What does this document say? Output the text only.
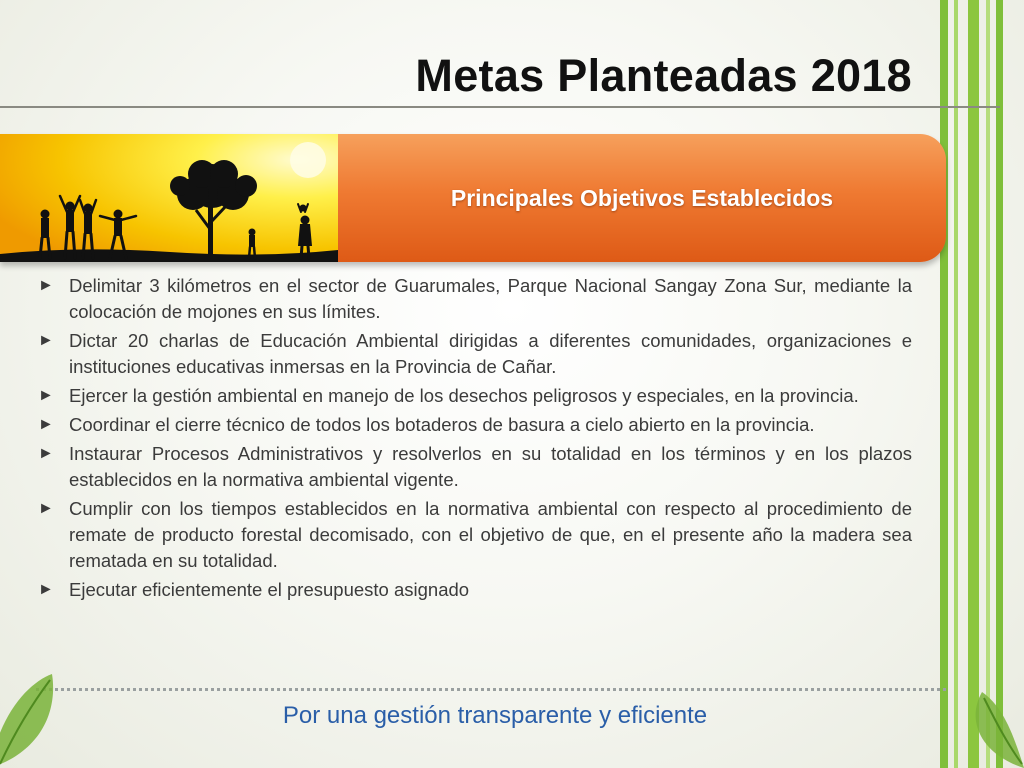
Metas Planteadas 2018
Principales Objetivos Establecidos
► Delimitar 3 kilómetros en el sector de Guarumales, Parque Nacional Sangay Zona Sur, mediante la colocación de mojones en sus límites.
► Dictar 20 charlas de Educación Ambiental dirigidas a diferentes comunidades, organizaciones e instituciones educativas inmersas en la Provincia de Cañar.
► Ejercer la gestión ambiental en manejo de los desechos peligrosos y especiales, en la provincia.
► Coordinar el cierre técnico de todos los botaderos de basura a cielo abierto en la provincia.
► Instaurar Procesos Administrativos y resolverlos en su totalidad en los términos y en los plazos establecidos en la normativa ambiental vigente.
► Cumplir con los tiempos establecidos en la normativa ambiental con respecto al procedimiento de remate de producto forestal decomisado, con el objetivo de que, en el presente año la madera sea rematada en su totalidad.
► Ejecutar eficientemente el presupuesto asignado
Por una gestión transparente y eficiente
